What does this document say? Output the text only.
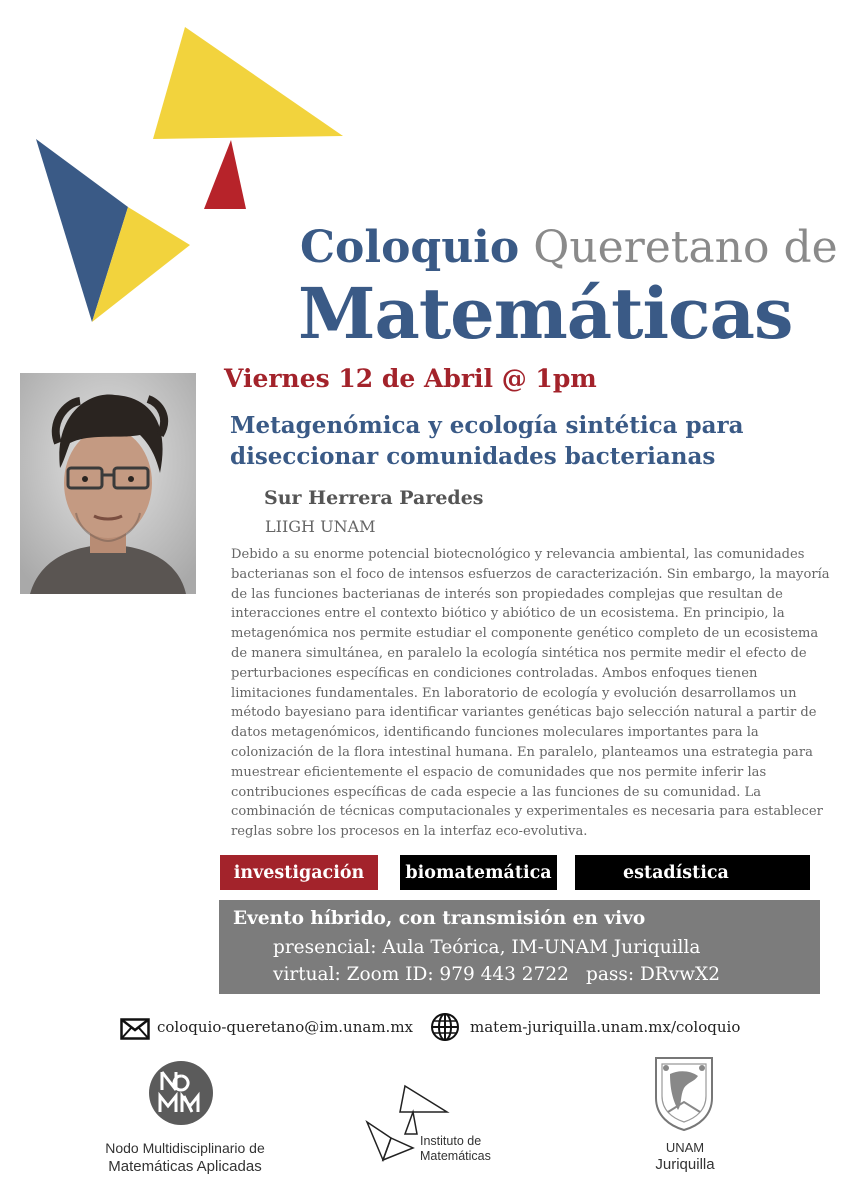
Coloquio Queretano de
Matemáticas
Viernes 12 de Abril @ 1pm
Metagenómica y ecología sintética para diseccionar comunidades bacterianas
Sur Herrera Paredes
LIIGH UNAM
Debido a su enorme potencial biotecnológico y relevancia ambiental, las comunidades bacterianas son el foco de intensos esfuerzos de caracterización. Sin embargo, la mayoría de las funciones bacterianas de interés son propiedades complejas que resultan de interacciones entre el contexto biótico y abiótico de un ecosistema. En principio, la metagenómica nos permite estudiar el componente genético completo de un ecosistema de manera simultánea, en paralelo la ecología sintética nos permite medir el efecto de perturbaciones específicas en condiciones controladas. Ambos enfoques tienen limitaciones fundamentales. En laboratorio de ecología y evolución desarrollamos un método bayesiano para identificar variantes genéticas bajo selección natural a partir de datos metagenómicos, identificando funciones moleculares importantes para la colonización de la flora intestinal humana. En paralelo, planteamos una estrategia para muestrear eficientemente el espacio de comunidades que nos permite inferir las contribuciones específicas de cada especie a las funciones de su comunidad. La combinación de técnicas computacionales y experimentales es necesaria para establecer reglas sobre los procesos en la interfaz eco-evolutiva.
investigación	biomatemática	estadística
Evento híbrido, con transmisión en vivo
presencial: Aula Teórica, IM-UNAM Juriquilla
virtual: Zoom ID: 979 443 2722 pass: DRvwX2
coloquio-queretano@im.unam.mx	matem-juriquilla.unam.mx/coloquio
Nodo Multidisciplinario de
Matemáticas Aplicadas
Instituto de
Matemáticas
UNAM
Juriquilla
